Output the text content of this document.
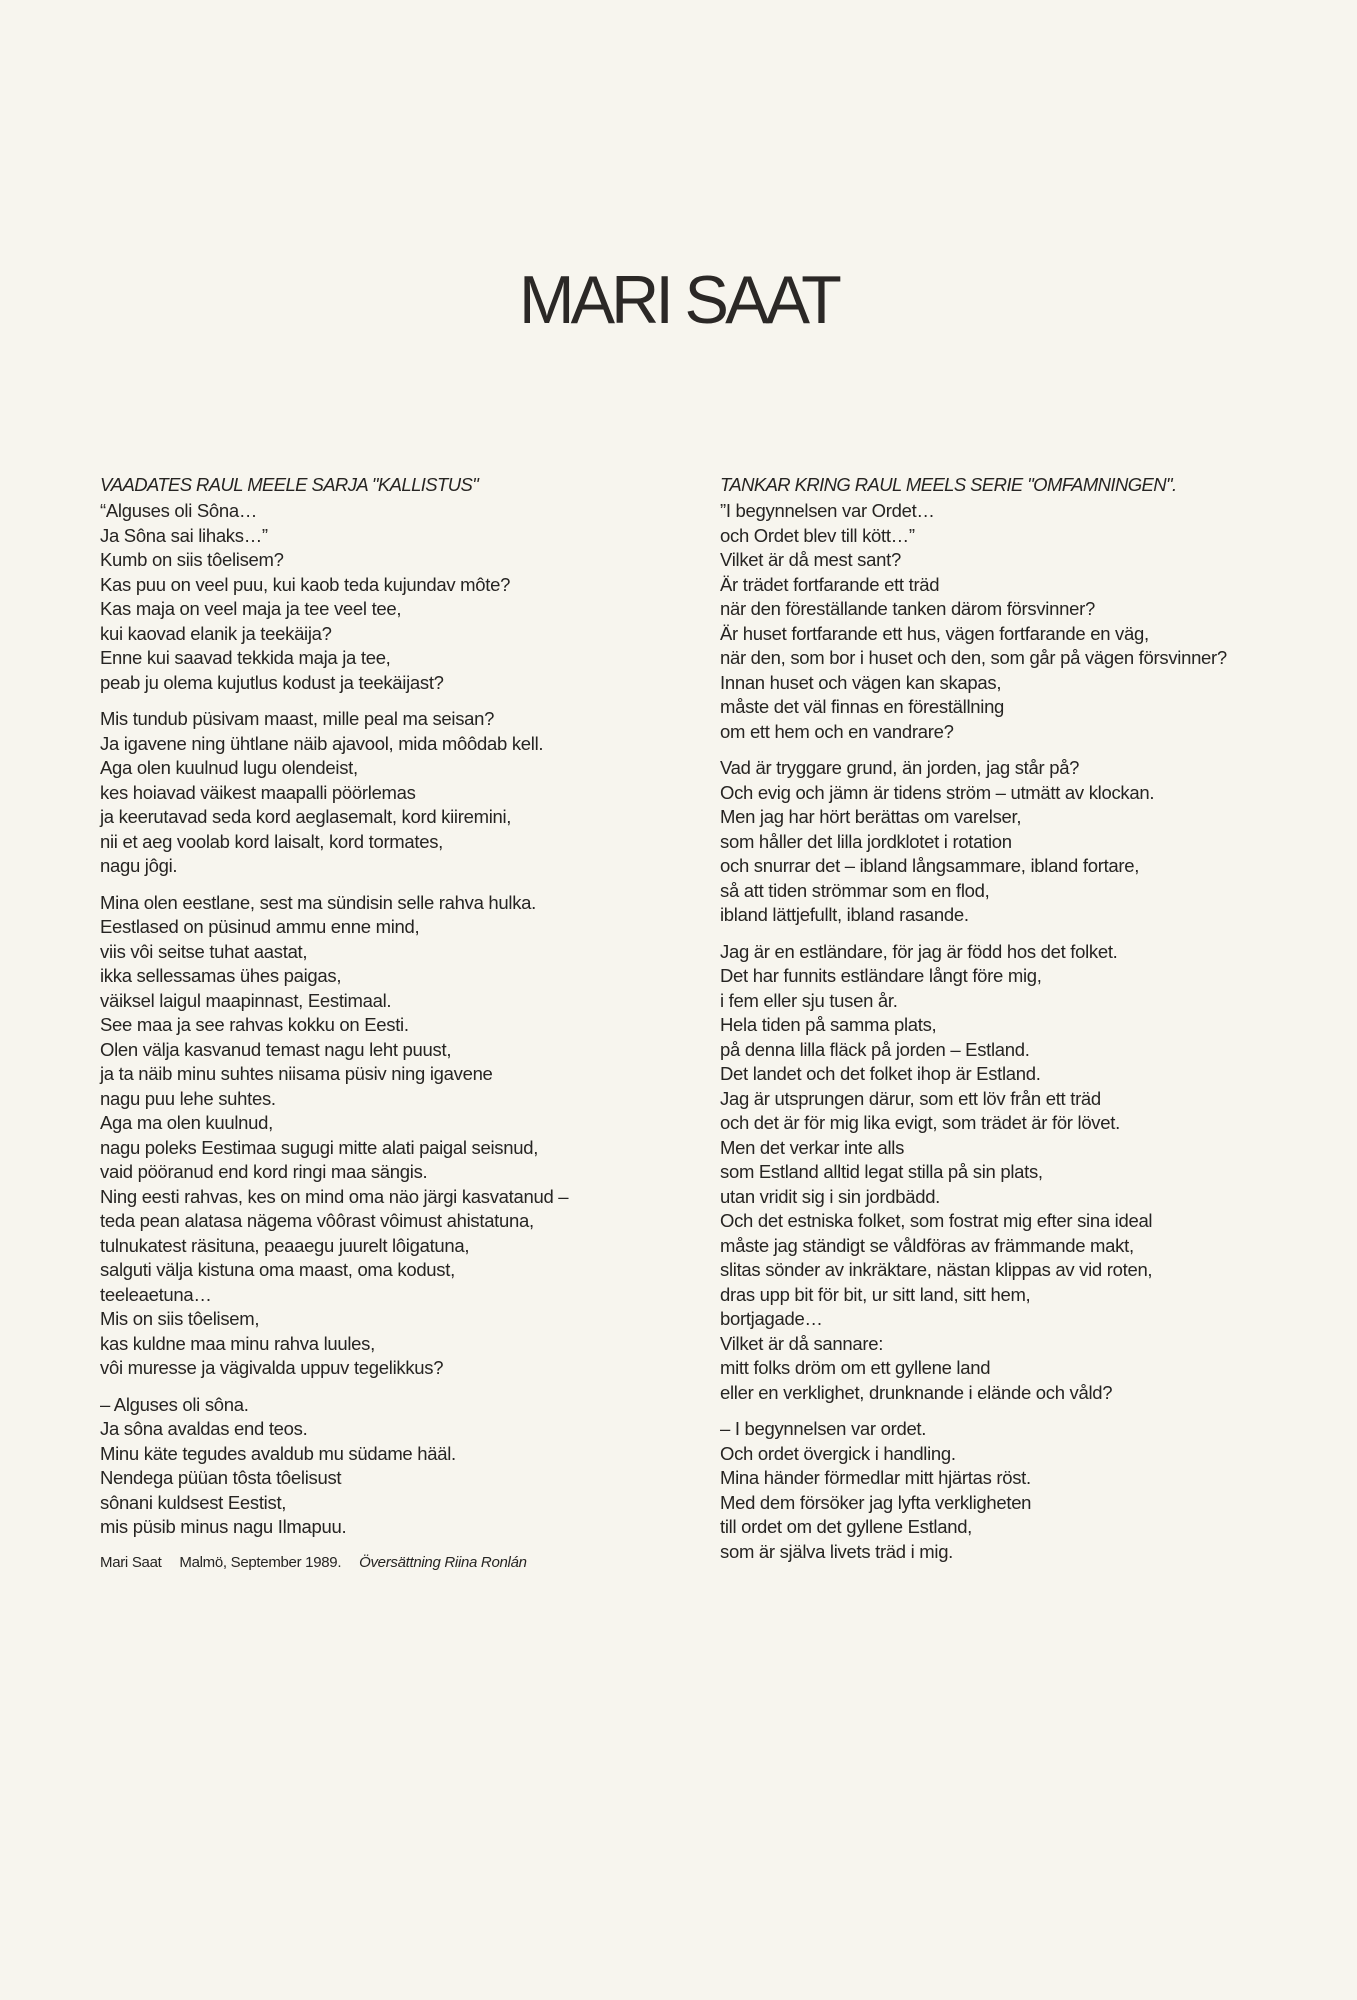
MARI SAAT
VAADATES RAUL MEELE SARJA "KALLISTUS"
“Alguses oli Sôna…
Ja Sôna sai lihaks…”
Kumb on siis tôelisem?
Kas puu on veel puu, kui kaob teda kujundav môte?
Kas maja on veel maja ja tee veel tee,
kui kaovad elanik ja teekäija?
Enne kui saavad tekkida maja ja tee,
peab ju olema kujutlus kodust ja teekäijast?
Mis tundub püsivam maast, mille peal ma seisan?
Ja igavene ning ühtlane näib ajavool, mida môôdab kell.
Aga olen kuulnud lugu olendeist,
kes hoiavad väikest maapalli pöörlemas
ja keerutavad seda kord aeglasemalt, kord kiiremini,
nii et aeg voolab kord laisalt, kord tormates,
nagu jôgi.
Mina olen eestlane, sest ma sündisin selle rahva hulka.
Eestlased on püsinud ammu enne mind,
viis vôi seitse tuhat aastat,
ikka sellessamas ühes paigas,
väiksel laigul maapinnast, Eestimaal.
See maa ja see rahvas kokku on Eesti.
Olen välja kasvanud temast nagu leht puust,
ja ta näib minu suhtes niisama püsiv ning igavene
nagu puu lehe suhtes.
Aga ma olen kuulnud,
nagu poleks Eestimaa sugugi mitte alati paigal seisnud,
vaid pööranud end kord ringi maa sängis.
Ning eesti rahvas, kes on mind oma näo järgi kasvatanud –
teda pean alatasa nägema vôôrast vôimust ahistatuna,
tulnukatest räsituna, peaaegu juurelt lôigatuna,
salguti välja kistuna oma maast, oma kodust,
teeleaetuna…
Mis on siis tôelisem,
kas kuldne maa minu rahva luules,
vôi muresse ja vägivalda uppuv tegelikkus?
– Alguses oli sôna.
Ja sôna avaldas end teos.
Minu käte tegudes avaldub mu südame hääl.
Nendega püüan tôsta tôelisust
sônani kuldsest Eestist,
mis püsib minus nagu Ilmapuu.
Mari Saat Malmö, September 1989. Översättning Riina Ronlán
TANKAR KRING RAUL MEELS SERIE "OMFAMNINGEN".
”I begynnelsen var Ordet…
och Ordet blev till kött…”
Vilket är då mest sant?
Är trädet fortfarande ett träd
när den föreställande tanken därom försvinner?
Är huset fortfarande ett hus, vägen fortfarande en väg,
när den, som bor i huset och den, som går på vägen försvinner?
Innan huset och vägen kan skapas,
måste det väl finnas en föreställning
om ett hem och en vandrare?
Vad är tryggare grund, än jorden, jag står på?
Och evig och jämn är tidens ström – utmätt av klockan.
Men jag har hört berättas om varelser,
som håller det lilla jordklotet i rotation
och snurrar det – ibland långsammare, ibland fortare,
så att tiden strömmar som en flod,
ibland lättjefullt, ibland rasande.
Jag är en estländare, för jag är född hos det folket.
Det har funnits estländare långt före mig,
i fem eller sju tusen år.
Hela tiden på samma plats,
på denna lilla fläck på jorden – Estland.
Det landet och det folket ihop är Estland.
Jag är utsprungen därur, som ett löv från ett träd
och det är för mig lika evigt, som trädet är för lövet.
Men det verkar inte alls
som Estland alltid legat stilla på sin plats,
utan vridit sig i sin jordbädd.
Och det estniska folket, som fostrat mig efter sina ideal
måste jag ständigt se våldföras av främmande makt,
slitas sönder av inkräktare, nästan klippas av vid roten,
dras upp bit för bit, ur sitt land, sitt hem,
bortjagade…
Vilket är då sannare:
mitt folks dröm om ett gyllene land
eller en verklighet, drunknande i elände och våld?
– I begynnelsen var ordet.
Och ordet övergick i handling.
Mina händer förmedlar mitt hjärtas röst.
Med dem försöker jag lyfta verkligheten
till ordet om det gyllene Estland,
som är själva livets träd i mig.
